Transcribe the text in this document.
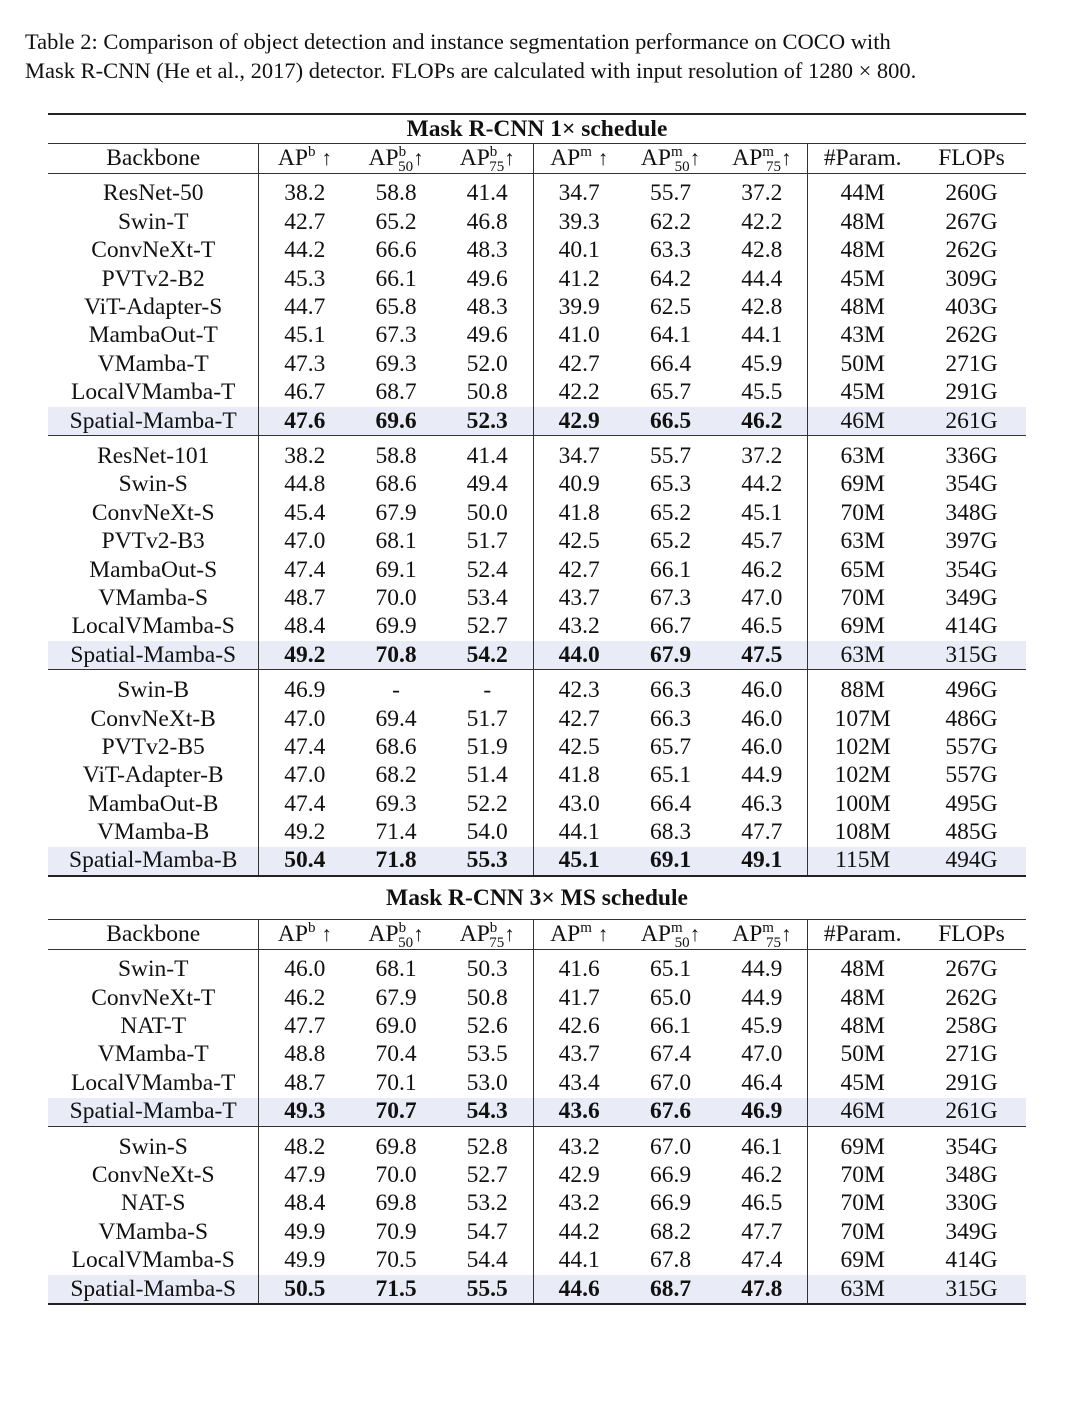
Table 2: Comparison of object detection and instance segmentation performance on COCO with

Mask R-CNN (He et al., 2017) detector. FLOPs are calculated with input resolution of 1280 × 800.

Mask R-CNN 1× schedule								
Backbone	$AP^b$ ↑	$AP^b_{50}↑$	$AP^b_{75}↑$	$AP^m$ ↑	$AP^m_{50}↑$	$AP^m_{75}↑$	#Param.	FLOPs
ResNet-50	38.2	58.8	41.4	34.7	55.7	37.2	44M	260G
Swin-T	42.7	65.2	46.8	39.3	62.2	42.2	48M	267G
ConvNeXt-T	44.2	66.6	48.3	40.1	63.3	42.8	48M	262G
PVTv2-B2	45.3	66.1	49.6	41.2	64.2	44.4	45M	309G
ViT-Adapter-S	44.7	65.8	48.3	39.9	62.5	42.8	48M	403G
MambaOut-T	45.1	67.3	49.6	41.0	64.1	44.1	43M	262G
VMamba-T	47.3	69.3	52.0	42.7	66.4	45.9	50M	271G
LocalVMamba-T	46.7	68.7	50.8	42.2	65.7	45.5	45M	291G
Spatial-Mamba-T	47.6	69.6	52.3	42.9	66.5	46.2	46M	261G
ResNet-101	38.2	58.8	41.4	34.7	55.7	37.2	63M	336G
Swin-S	44.8	68.6	49.4	40.9	65.3	44.2	69M	354G
ConvNeXt-S	45.4	67.9	50.0	41.8	65.2	45.1	70M	348G
PVTv2-B3	47.0	68.1	51.7	42.5	65.2	45.7	63M	397G
MambaOut-S	47.4	69.1	52.4	42.7	66.1	46.2	65M	354G
VMamba-S	48.7	70.0	53.4	43.7	67.3	47.0	70M	349G
LocalVMamba-S	48.4	69.9	52.7	43.2	66.7	46.5	69M	414G
Spatial-Mamba-S	49.2	70.8	54.2	44.0	67.9	47.5	63M	315G
Swin-B	46.9	-	-	42.3	66.3	46.0	88M	496G
ConvNeXt-B	47.0	69.4	51.7	42.7	66.3	46.0	107M	486G
PVTv2-B5	47.4	68.6	51.9	42.5	65.7	46.0	102M	557G
ViT-Adapter-B	47.0	68.2	51.4	41.8	65.1	44.9	102M	557G
MambaOut-B	47.4	69.3	52.2	43.0	66.4	46.3	100M	495G
VMamba-B	49.2	71.4	54.0	44.1	68.3	47.7	108M	485G
Spatial-Mamba-B	50.4	71.8	55.3	45.1	69.1	49.1	115M	494G
Mask R-CNN 3× MS schedule								
Backbone	$AP^b$ ↑	$AP^b_{50}↑$	$AP^b_{75}↑$	$AP^m$ ↑	$AP^m_{50}↑$	$AP^m_{75}↑$	#Param.	FLOPs
Swin-T	46.0	68.1	50.3	41.6	65.1	44.9	48M	267G
ConvNeXt-T	46.2	67.9	50.8	41.7	65.0	44.9	48M	262G
NAT-T	47.7	69.0	52.6	42.6	66.1	45.9	48M	258G
VMamba-T	48.8	70.4	53.5	43.7	67.4	47.0	50M	271G
LocalVMamba-T	48.7	70.1	53.0	43.4	67.0	46.4	45M	291G
Spatial-Mamba-T	49.3	70.7	54.3	43.6	67.6	46.9	46M	261G
Swin-S	48.2	69.8	52.8	43.2	67.0	46.1	69M	354G
ConvNeXt-S	47.9	70.0	52.7	42.9	66.9	46.2	70M	348G
NAT-S	48.4	69.8	53.2	43.2	66.9	46.5	70M	330G
VMamba-S	49.9	70.9	54.7	44.2	68.2	47.7	70M	349G
LocalVMamba-S	49.9	70.5	54.4	44.1	67.8	47.4	69M	414G
Spatial-Mamba-S	50.5	71.5	55.5	44.6	68.7	47.8	63M	315G
